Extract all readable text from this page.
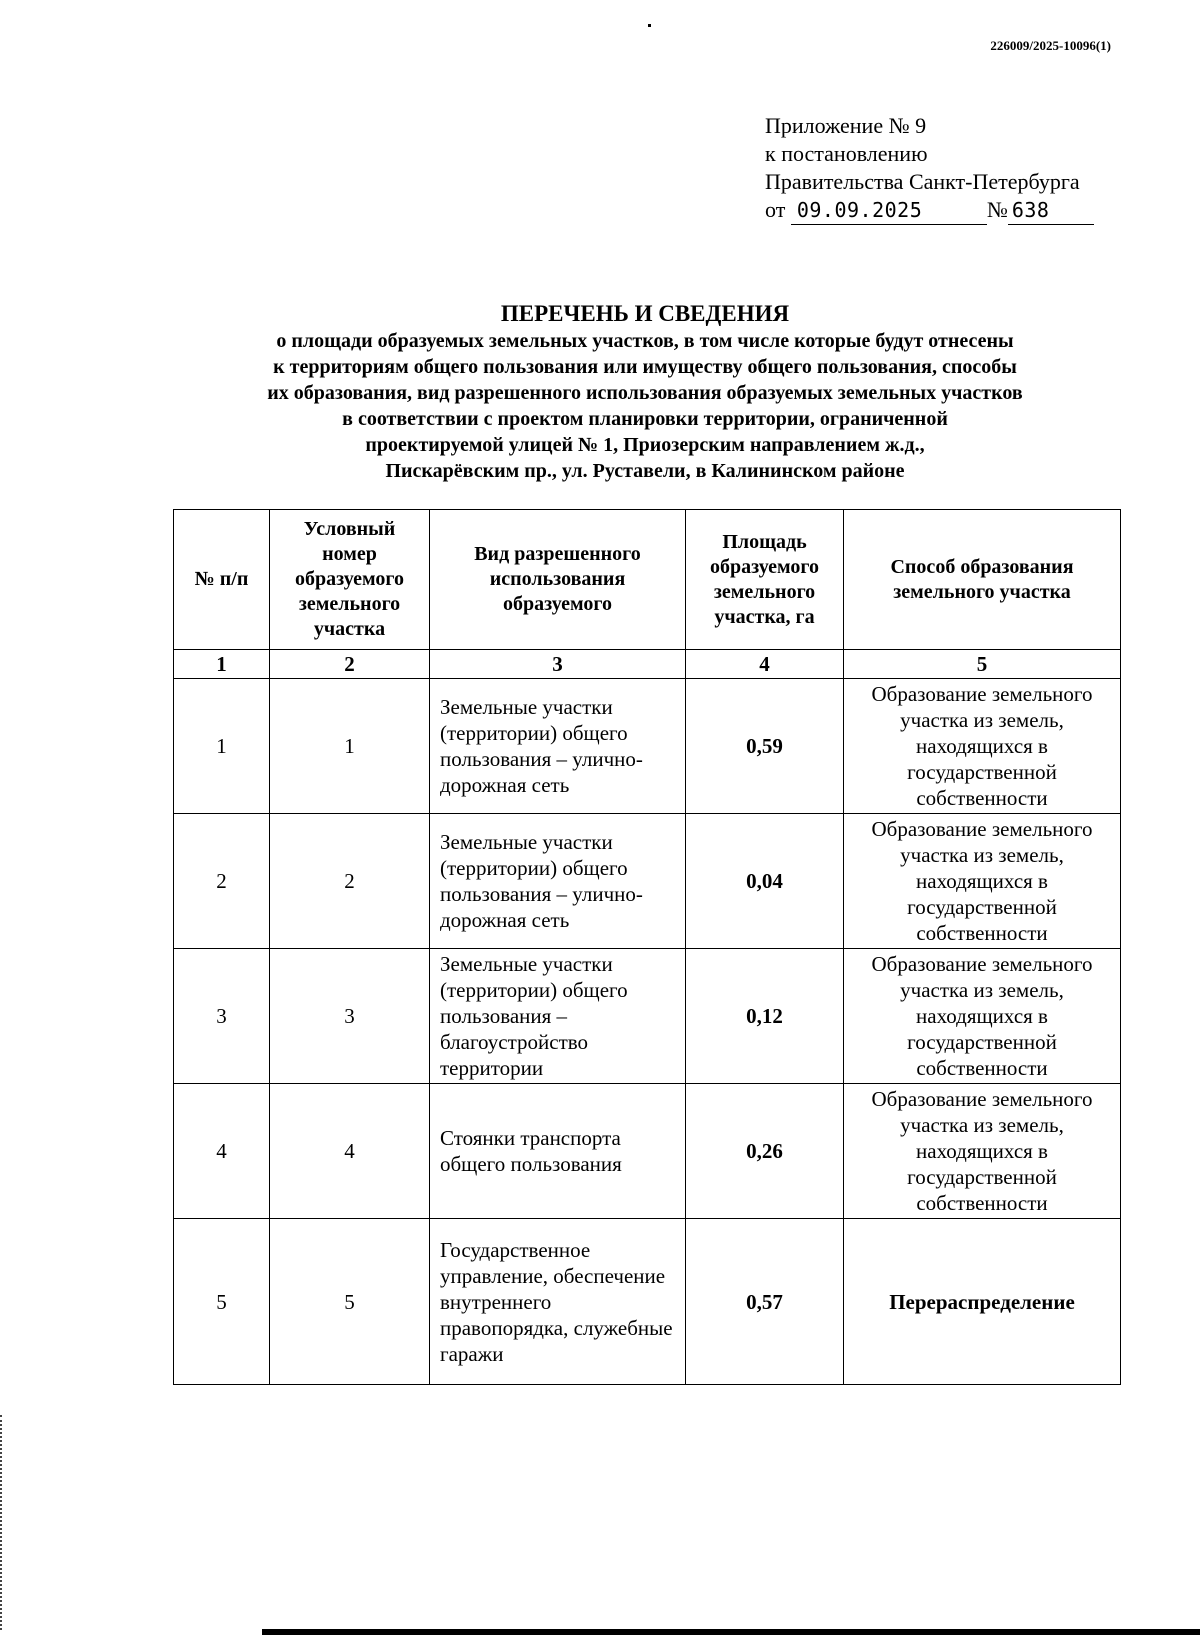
226009/2025-10096(1)
Приложение № 9
к постановлению
Правительства Санкт-Петербурга
от 09.09.2025	№ 638
ПЕРЕЧЕНЬ И СВЕДЕНИЯ
о площади образуемых земельных участков, в том числе которые будут отнесены
к территориям общего пользования или имуществу общего пользования, способы
их образования, вид разрешенного использования образуемых земельных участков
в соответствии с проектом планировки территории, ограниченной
проектируемой улицей № 1, Приозерским направлением ж.д.,
Пискарёвским пр., ул. Руставели, в Калининском районе
№ п/п	Условный номер образуемого земельного участка	Вид разрешенного использования образуемого	Площадь образуемого земельного участка, га	Способ образования земельного участка
1	2	3	4	5
1	1	Земельные участки (территории) общего пользования – улично-дорожная сеть	0,59	Образование земельного участка из земель, находящихся в государственной собственности
2	2	Земельные участки (территории) общего пользования – улично-дорожная сеть	0,04	Образование земельного участка из земель, находящихся в государственной собственности
3	3	Земельные участки (территории) общего пользования – благоустройство территории	0,12	Образование земельного участка из земель, находящихся в государственной собственности
4	4	Стоянки транспорта общего пользования	0,26	Образование земельного участка из земель, находящихся в государственной собственности
5	5	Государственное управление, обеспечение внутреннего правопорядка, служебные гаражи	0,57	Перераспределение
